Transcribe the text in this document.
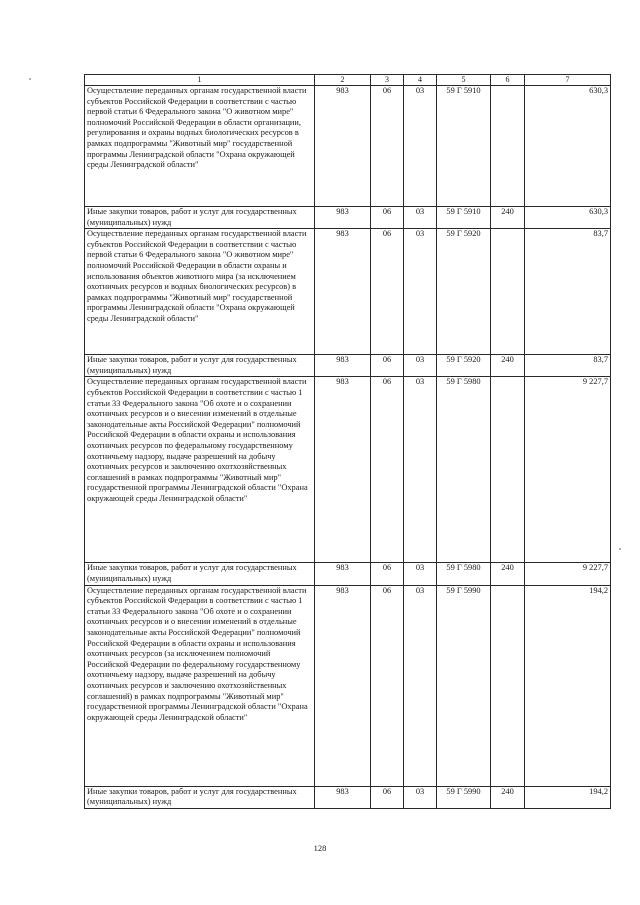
1	2	3	4	5	6	7
Осуществление переданных органам государственной власти субъектов Российской Федерации в соответствии с частью первой статьи 6 Федерального закона "О животном мире" полномочий Российской Федерации в области организации, регулирования и охраны водных биологических ресурсов в рамках подпрограммы "Животный мир" государственной программы Ленинградской области "Охрана окружающей среды Ленинградской области"	983	06	03	59 Г 5910		630,3
Иные закупки товаров, работ и услуг для государственных (муниципальных) нужд	983	06	03	59 Г 5910	240	630,3
Осуществление переданных органам государственной власти субъектов Российской Федерации в соответствии с частью первой статьи 6 Федерального закона "О животном мире" полномочий Российской Федерации в области охраны и использования объектов животного мира (за исключением охотничьих ресурсов и водных биологических ресурсов) в рамках подпрограммы "Животный мир" государственной программы Ленинградской области "Охрана окружающей среды Ленинградской области"	983	06	03	59 Г 5920		83,7
Иные закупки товаров, работ и услуг для государственных (муниципальных) нужд	983	06	03	59 Г 5920	240	83,7
Осуществление переданных органам государственной власти субъектов Российской Федерации в соответствии с частью 1 статьи 33 Федерального закона "Об охоте и о сохранении охотничьих ресурсов и о внесении изменений в отдельные законодательные акты Российской Федерации" полномочий Российской Федерации в области охраны и использования охотничьих ресурсов по федеральному государственному охотничьему надзору, выдаче разрешений на добычу охотничьих ресурсов и заключению охотхозяйственных соглашений в рамках подпрограммы "Животный мир" государственной программы Ленинградской области "Охрана окружающей среды Ленинградской области"	983	06	03	59 Г 5980		9 227,7
Иные закупки товаров, работ и услуг для государственных (муниципальных) нужд	983	06	03	59 Г 5980	240	9 227,7
Осуществление переданных органам государственной власти субъектов Российской Федерации в соответствии с частью 1 статьи 33 Федерального закона "Об охоте и о сохранении охотничьих ресурсов и о внесении изменений в отдельные законодательные акты Российской Федерации" полномочий Российской Федерации в области охраны и использования охотничьих ресурсов (за исключением полномочий Российской Федерации по федеральному государственному охотничьему надзору, выдаче разрешений на добычу охотничьих ресурсов и заключению охотхозяйственных соглашений) в рамках подпрограммы "Животный мир" государственной программы Ленинградской области "Охрана окружающей среды Ленинградской области"	983	06	03	59 Г 5990		194,2
Иные закупки товаров, работ и услуг для государственных (муниципальных) нужд	983	06	03	59 Г 5990	240	194,2
128
